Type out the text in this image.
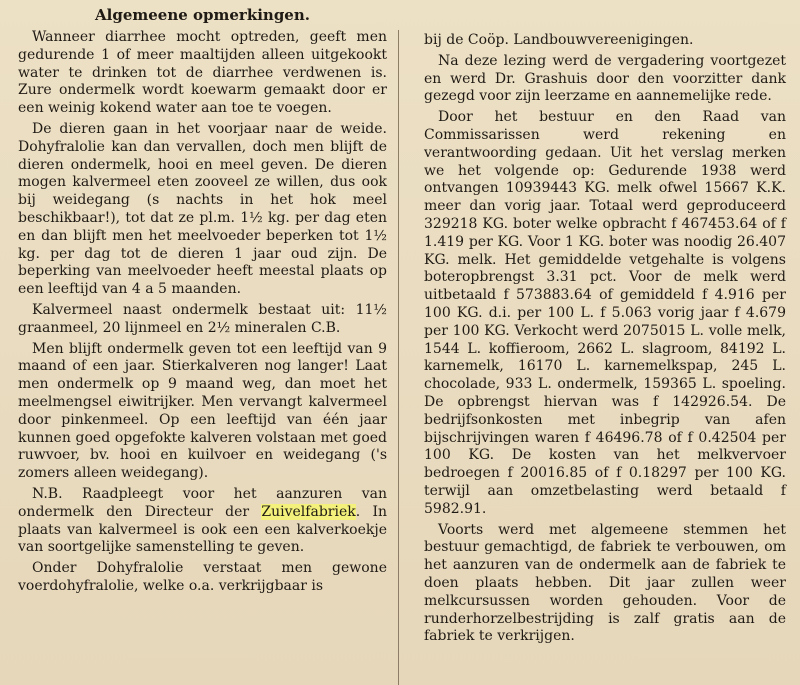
Algemeene opmerkingen.

Wanneer diarrhee mocht optreden, geeft men gedurende 1 of meer maaltijden alleen uitgekookt water te drinken tot de diarrhee verdwenen is. Zure ondermelk wordt koewarm gemaakt door er een weinig kokend water aan toe te voegen.

De dieren gaan in het voorjaar naar de weide. Dohyfralolie kan dan vervallen, doch men blijft de dieren ondermelk, hooi en meel geven. De dieren mogen kalvermeel eten zooveel ze willen, dus ook bij weidegang (s nachts in het hok meel beschikbaar!), tot dat ze pl.m. 1½ kg. per dag eten en dan blijft men het meelvoeder beperken tot 1½ kg. per dag tot de dieren 1 jaar oud zijn. De beperking van meelvoeder heeft meestal plaats op een leeftijd van 4 a 5 maanden.

Kalvermeel naast ondermelk bestaat uit: 11½ graanmeel, 20 lijnmeel en 2½ mineralen C.B.

Men blijft ondermelk geven tot een leeftijd van 9 maand of een jaar. Stierkalveren nog langer! Laat men ondermelk op 9 maand weg, dan moet het meelmengsel eiwitrijker. Men vervangt kalvermeel door pinkenmeel. Op een leeftijd van één jaar kunnen goed opgefokte kalveren volstaan met goed ruwvoer, bv. hooi en kuilvoer en weidegang ('s zomers alleen weidegang).

N.B. Raadpleegt voor het aanzuren van ondermelk den Directeur der Zuivelfabriek. In plaats van kalvermeel is ook een een kalverkoekje van soortgelijke samenstelling te geven.

Onder Dohyfralolie verstaat men gewone voerdohyfralolie, welke o.a. verkrijgbaar is

bij de Coöp. Landbouwvereenigingen.

Na deze lezing werd de vergadering voortgezet en werd Dr. Grashuis door den voorzitter dank gezegd voor zijn leerzame en aannemelijke rede.

Door het bestuur en den Raad van Commissarissen werd rekening en verantwoording gedaan. Uit het verslag merken we het volgende op: Gedurende 1938 werd ontvangen 10939443 KG. melk ofwel 15667 K.K. meer dan vorig jaar. Totaal werd geproduceerd 329218 KG. boter welke opbracht f 467453.64 of f 1.419 per KG. Voor 1 KG. boter was noodig 26.407 KG. melk. Het gemiddelde vetgehalte is volgens boteropbrengst 3.31 pct. Voor de melk werd uitbetaald f 573883.64 of gemiddeld f 4.916 per 100 KG. d.i. per 100 L. f 5.063 vorig jaar f 4.679 per 100 KG. Verkocht werd 2075015 L. volle melk, 1544 L. koffieroom, 2662 L. slagroom, 84192 L. karnemelk, 16170 L. karnemelkspap, 245 L. chocolade, 933 L. ondermelk, 159365 L. spoeling. De opbrengst hiervan was f 142926.54. De bedrijfsonkosten met inbegrip van afen bijschrijvingen waren f 46496.78 of f 0.42504 per 100 KG. De kosten van het melkvervoer bedroegen f 20016.85 of f 0.18297 per 100 KG. terwijl aan omzetbelasting werd betaald f 5982.91.

Voorts werd met algemeene stemmen het bestuur gemachtigd, de fabriek te verbouwen, om het aanzuren van de ondermelk aan de fabriek te doen plaats hebben. Dit jaar zullen weer melkcursussen worden gehouden. Voor de runderhorzelbestrijding is zalf gratis aan de fabriek te verkrijgen.
